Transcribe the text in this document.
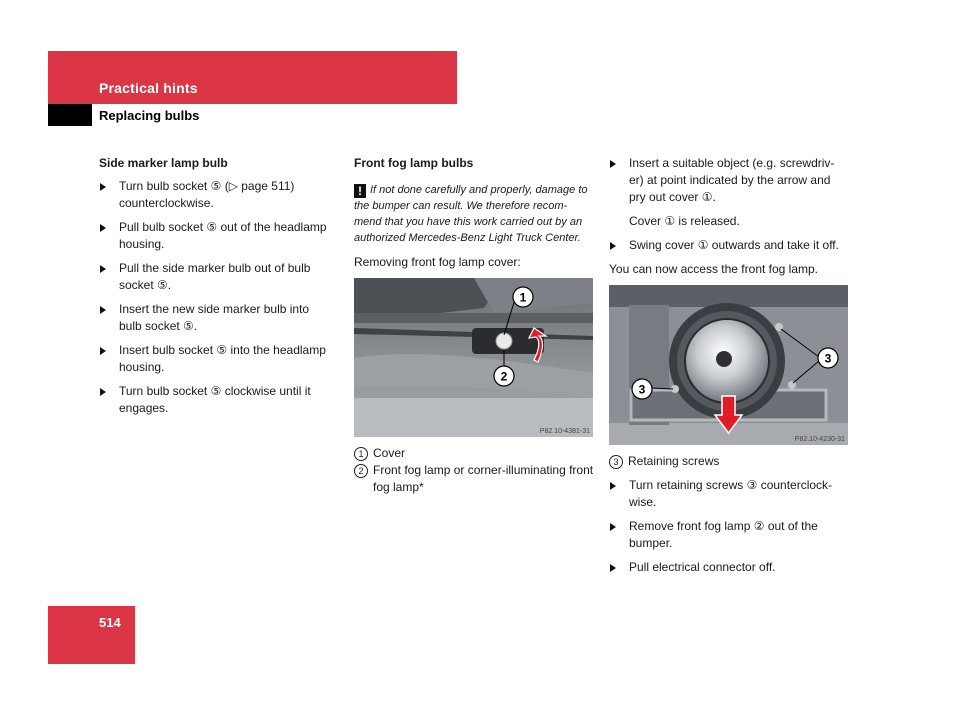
Practical hints
Replacing bulbs
Side marker lamp bulb
Turn bulb socket ⑤ (▷ page 511) counterclockwise.
Pull bulb socket ⑤ out of the headlamp housing.
Pull the side marker bulb out of bulb socket ⑤.
Insert the new side marker bulb into bulb socket ⑤.
Insert bulb socket ⑤ into the headlamp housing.
Turn bulb socket ⑤ clockwise until it engages.
Front fog lamp bulbs
! If not done carefully and properly, damage to the bumper can result. We therefore recom-mend that you have this work carried out by an authorized Mercedes-Benz Light Truck Center.
Removing front fog lamp cover:
1
2
P82.10-4381-31
1 Cover
2 Front fog lamp or corner-illuminating front fog lamp*
Insert a suitable object (e.g. screwdriv-er) at point indicated by the arrow and pry out cover ①.
Cover ① is released.
Swing cover ① outwards and take it off.
You can now access the front fog lamp.
3
3
P82.10-4230-31
3 Retaining screws
Turn retaining screws ③ counterclock-wise.
Remove front fog lamp ② out of the bumper.
Pull electrical connector off.
514
